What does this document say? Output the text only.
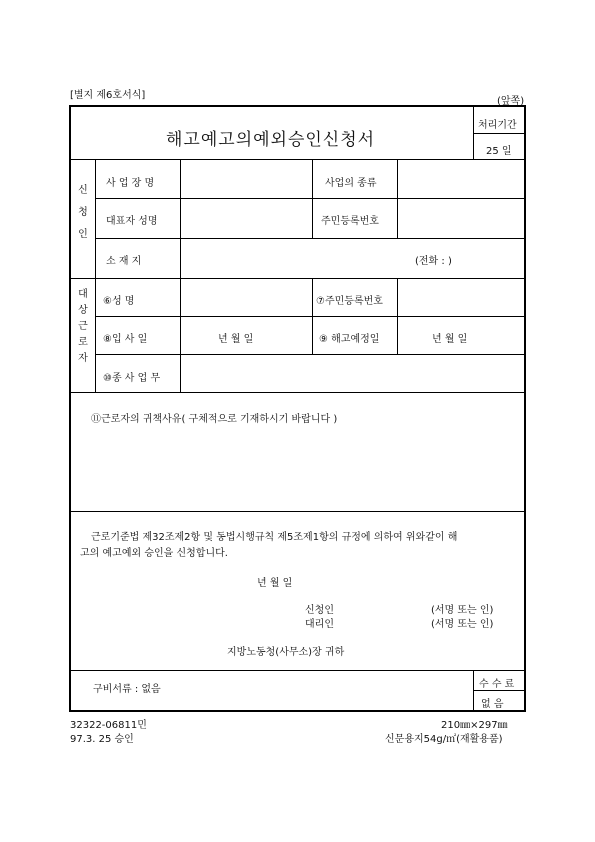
[별지 제6호서식]
(앞쪽)
해고예고의예외승인신청서
처리기간
25 일
신
청
인
사 업 장 명	사업의 종류
대표자 성명	주민등록번호
소 재 지	(전화 : )
대
상
근
로
자
⑥성 명	⑦주민등록번호
⑧입 사 일	년 월 일	⑨ 해고예정일	년 월 일
⑩종 사 업 무
⑪근로자의 귀책사유( 구체적으로 기재하시기 바랍니다 )
근로기준법 제32조제2항 및 동법시행규칙 제5조제1항의 규정에 의하여 위와같이 해
고의 예고예외 승인을 신청합니다.
년 월 일
신청인	(서명 또는 인)
대리인	(서명 또는 인)
지방노동청(사무소)장 귀하
구비서류 : 없음	수 수 료
없 음
32322-06811민	210㎜×297㎜
97.3. 25 승인	신문용지54g/㎡(재활용품)
